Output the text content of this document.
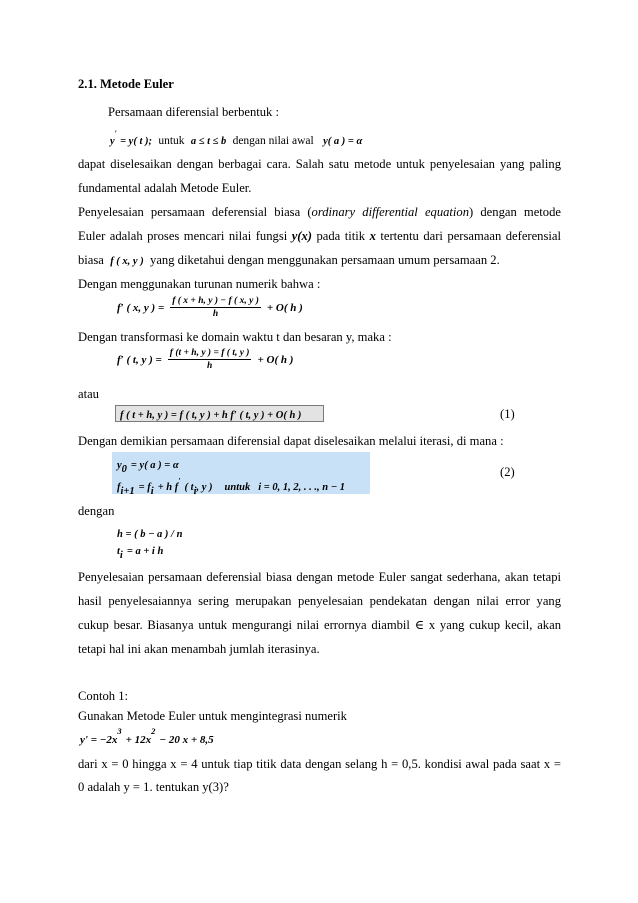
2.1. Metode Euler
Persamaan diferensial berbentuk :
y′ = y( t ); untuk a ≤ t ≤ b dengan nilai awal y( a ) = α
dapat diselesaikan dengan berbagai cara. Salah satu metode untuk penyelesaian yang paling
fundamental adalah Metode Euler.
Penyelesaian persamaan deferensial biasa (ordinary differential equation) dengan metode
Euler adalah proses mencari nilai fungsi y(x) pada titik x tertentu dari persamaan deferensial
biasa f ( x, y ) yang diketahui dengan menggunakan persamaan umum persamaan 2.
Dengan menggunakan turunan numerik bahwa :
f′ ( x, y ) = $\frac{f ( x + h, y ) - f ( x, y )}{h} + O$( h )
Dengan transformasi ke domain waktu t dan besaran y, maka :
f′ ( t, y ) = $\frac{f (t + h, y ) = f ( t, y )}{h} + O$( h )
atau
f ( t + h, y ) = f ( t, y ) + h f′ ( t, y ) + O( h )	(1)
Dengan demikian persamaan diferensial dapat diselesaikan melalui iterasi, di mana :
$y_0 = y$( a ) = α
$f_{i+1} = f_i + h$ f′ ( $t_i$, y ) untuk i = 0, 1, 2, . . ., n − 1
(2)
dengan
h = ( b − a ) / n
$t_i = a + i$ h
Penyelesaian persamaan deferensial biasa dengan metode Euler sangat sederhana, akan tetapi
hasil penyelesaiannya sering merupakan penyelesaian pendekatan dengan nilai error yang
cukup besar. Biasanya untuk mengurangi nilai errornya diambil ∈ x yang cukup kecil, akan
tetapi hal ini akan menambah jumlah iterasinya.
Contoh 1:
Gunakan Metode Euler untuk mengintegrasi numerik
$y' = -2x^3 + 12x^2 - 20$ x + 8,5
dari x = 0 hingga x = 4 untuk tiap titik data dengan selang h = 0,5. kondisi awal pada saat x =
0 adalah y = 1. tentukan y(3)?
